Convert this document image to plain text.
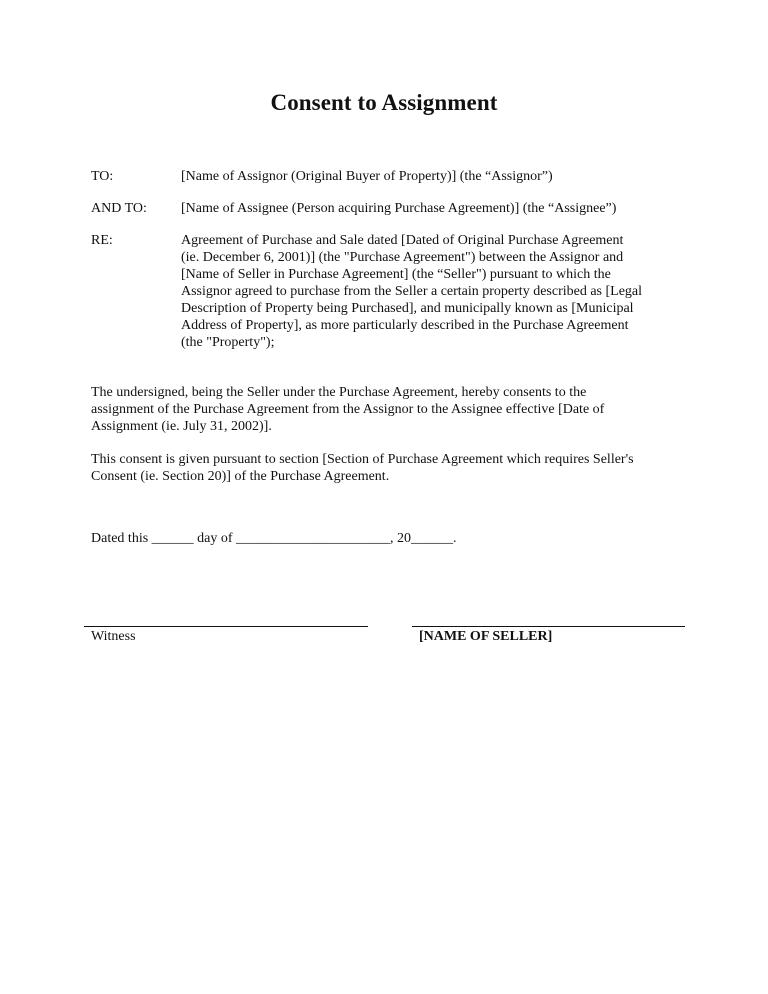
Consent to Assignment
TO:	[Name of Assignor (Original Buyer of Property)] (the “Assignor”)
AND TO: [Name of Assignee (Person acquiring Purchase Agreement)] (the “Assignee”)
RE:	Agreement of Purchase and Sale dated [Dated of Original Purchase Agreement
(ie. December 6, 2001)] (the "Purchase Agreement") between the Assignor and
[Name of Seller in Purchase Agreement] (the “Seller") pursuant to which the
Assignor agreed to purchase from the Seller a certain property described as [Legal
Description of Property being Purchased], and municipally known as [Municipal
Address of Property], as more particularly described in the Purchase Agreement
(the "Property");
The undersigned, being the Seller under the Purchase Agreement, hereby consents to the
assignment of the Purchase Agreement from the Assignor to the Assignee effective [Date of
Assignment (ie. July 31, 2002)].
This consent is given pursuant to section [Section of Purchase Agreement which requires Seller's
Consent (ie. Section 20)] of the Purchase Agreement.
Dated this ______ day of ______________________, 20______.
Witness	[NAME OF SELLER]
